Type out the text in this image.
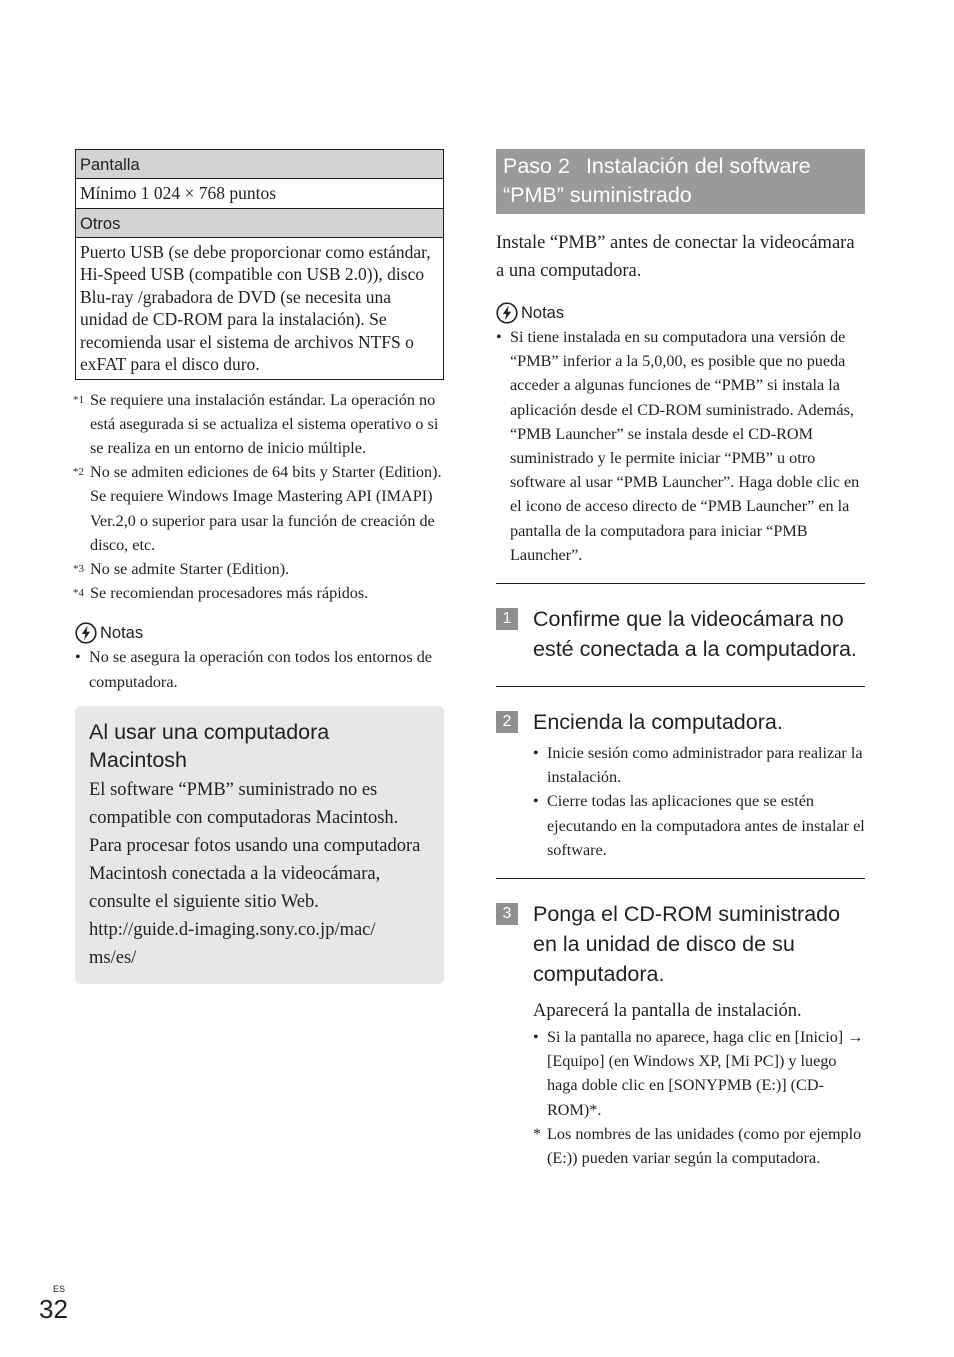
Pantalla
Mínimo 1 024 × 768 puntos
Otros
Puerto USB (se debe proporcionar como estándar, Hi-Speed USB (compatible con USB 2.0)), disco Blu-ray /grabadora de DVD (se necesita una unidad de CD-ROM para la instalación). Se recomienda usar el sistema de archivos NTFS o exFAT para el disco duro.
*1 Se requiere una instalación estándar. La operación no está asegurada si se actualiza el sistema operativo o si se realiza en un entorno de inicio múltiple.
*2 No se admiten ediciones de 64 bits y Starter (Edition). Se requiere Windows Image Mastering API (IMAPI) Ver.2,0 o superior para usar la función de creación de disco, etc.
*3 No se admite Starter (Edition).
*4 Se recomiendan procesadores más rápidos.
Notas
• No se asegura la operación con todos los entornos de computadora.
Al usar una computadora
Macintosh

El software “PMB” suministrado no es compatible con computadoras Macintosh. Para procesar fotos usando una computadora Macintosh conectada a la videocámara, consulte el siguiente sitio Web.

http://guide.d-imaging.sony.co.jp/mac/
ms/es/
Paso 2 Instalación del software
“PMB” suministrado

Instale “PMB” antes de conectar la videocámara a una computadora.

Notas
• Si tiene instalada en su computadora una versión de “PMB” inferior a la 5,0,00, es posible que no pueda acceder a algunas funciones de “PMB” si instala la aplicación desde el CD-ROM suministrado. Además, “PMB Launcher” se instala desde el CD-ROM suministrado y le permite iniciar “PMB” u otro software al usar “PMB Launcher”. Haga doble clic en el icono de acceso directo de “PMB Launcher” en la pantalla de la computadora para iniciar “PMB Launcher”.
1	Confirme que la videocámara no
esté conectada a la computadora.
2	Encienda la computadora.
• Inicie sesión como administrador para realizar la instalación.
• Cierre todas las aplicaciones que se estén ejecutando en la computadora antes de instalar el software.
3	Ponga el CD-ROM suministrado
en la unidad de disco de su
computadora.

Aparecerá la pantalla de instalación.

• Si la pantalla no aparece, haga clic en [Inicio] → [Equipo] (en Windows XP, [Mi PC]) y luego haga doble clic en [SONYPMB (E:)] (CD-ROM)*.
* Los nombres de las unidades (como por ejemplo (E:)) pueden variar según la computadora.
ES
32
